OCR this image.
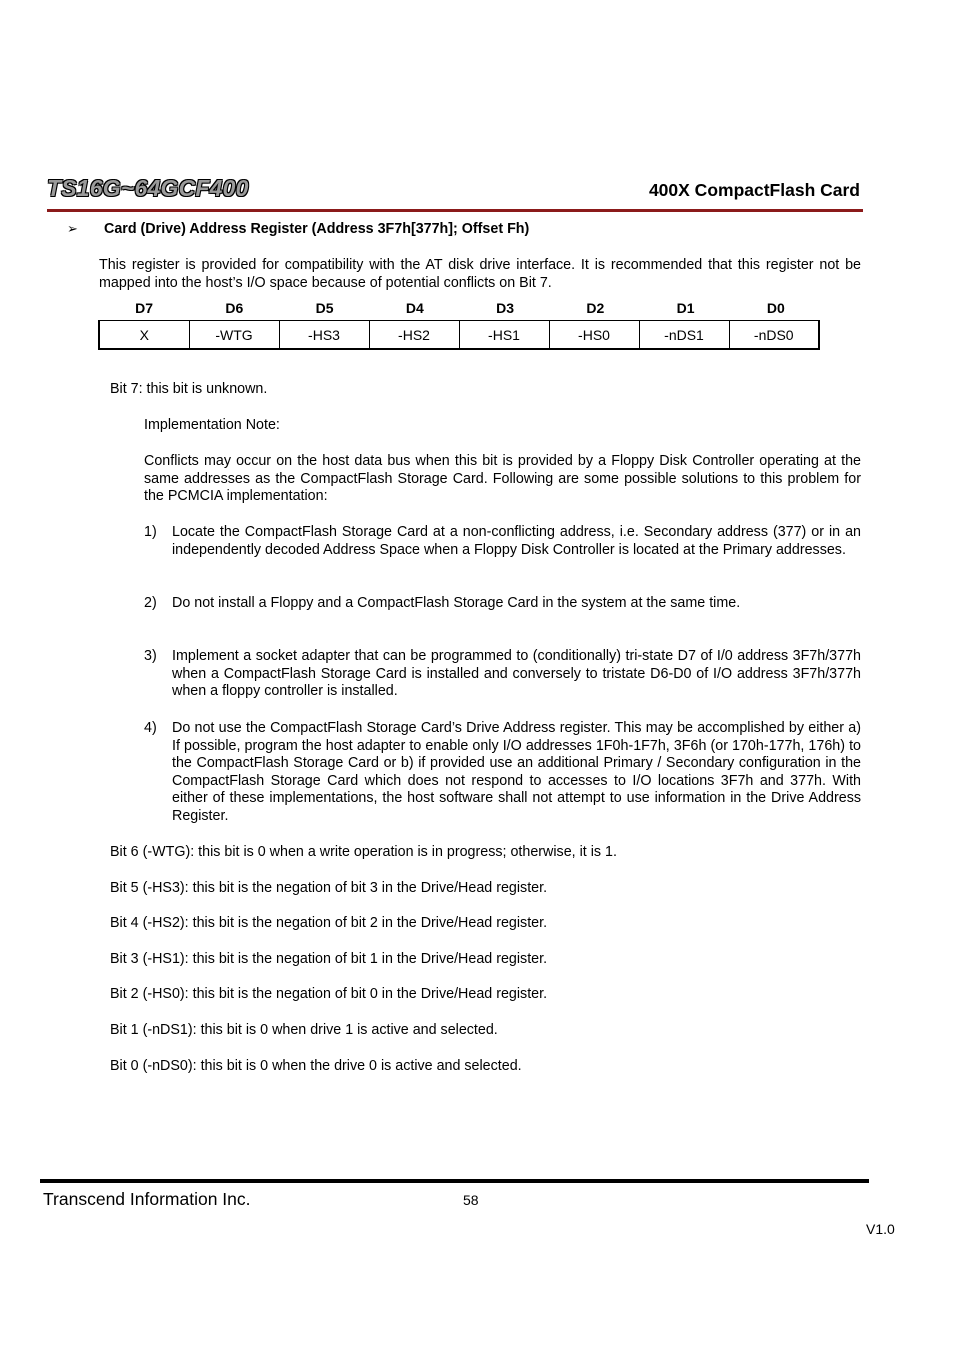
TS16G~64GCF400	400X CompactFlash Card
➢ Card (Drive) Address Register (Address 3F7h[377h]; Offset Fh)

This register is provided for compatibility with the AT disk drive interface. It is recommended that this register not be mapped into the host’s I/O space because of potential conflicts on Bit 7.

D7	D6	D5	D4	D3	D2	D1	D0
X	-WTG	-HS3	-HS2	-HS1	-HS0	-nDS1	-nDS0
Bit 7: this bit is unknown.
Implementation Note:

Conflicts may occur on the host data bus when this bit is provided by a Floppy Disk Controller operating at the same addresses as the CompactFlash Storage Card. Following are some possible solutions to this problem for the PCMCIA implementation:

1) Locate the CompactFlash Storage Card at a non-conflicting address, i.e. Secondary address (377) or in an independently decoded Address Space when a Floppy Disk Controller is located at the Primary addresses.

2) Do not install a Floppy and a CompactFlash Storage Card in the system at the same time.

3) Implement a socket adapter that can be programmed to (conditionally) tri-state D7 of I/0 address 3F7h/377h when a CompactFlash Storage Card is installed and conversely to tristate D6-D0 of I/O address 3F7h/377h when a floppy controller is installed.

4) Do not use the CompactFlash Storage Card’s Drive Address register. This may be accomplished by either a) If possible, program the host adapter to enable only I/O addresses 1F0h-1F7h, 3F6h (or 170h-177h, 176h) to the CompactFlash Storage Card or b) if provided use an additional Primary / Secondary configuration in the CompactFlash Storage Card which does not respond to accesses to I/O locations 3F7h and 377h. With either of these implementations, the host software shall not attempt to use information in the Drive Address Register.

Bit 6 (-WTG): this bit is 0 when a write operation is in progress; otherwise, it is 1.
Bit 5 (-HS3): this bit is the negation of bit 3 in the Drive/Head register.
Bit 4 (-HS2): this bit is the negation of bit 2 in the Drive/Head register.
Bit 3 (-HS1): this bit is the negation of bit 1 in the Drive/Head register.
Bit 2 (-HS0): this bit is the negation of bit 0 in the Drive/Head register.
Bit 1 (-nDS1): this bit is 0 when drive 1 is active and selected.
Bit 0 (-nDS0): this bit is 0 when the drive 0 is active and selected.
Transcend Information Inc.	58
V1.0
